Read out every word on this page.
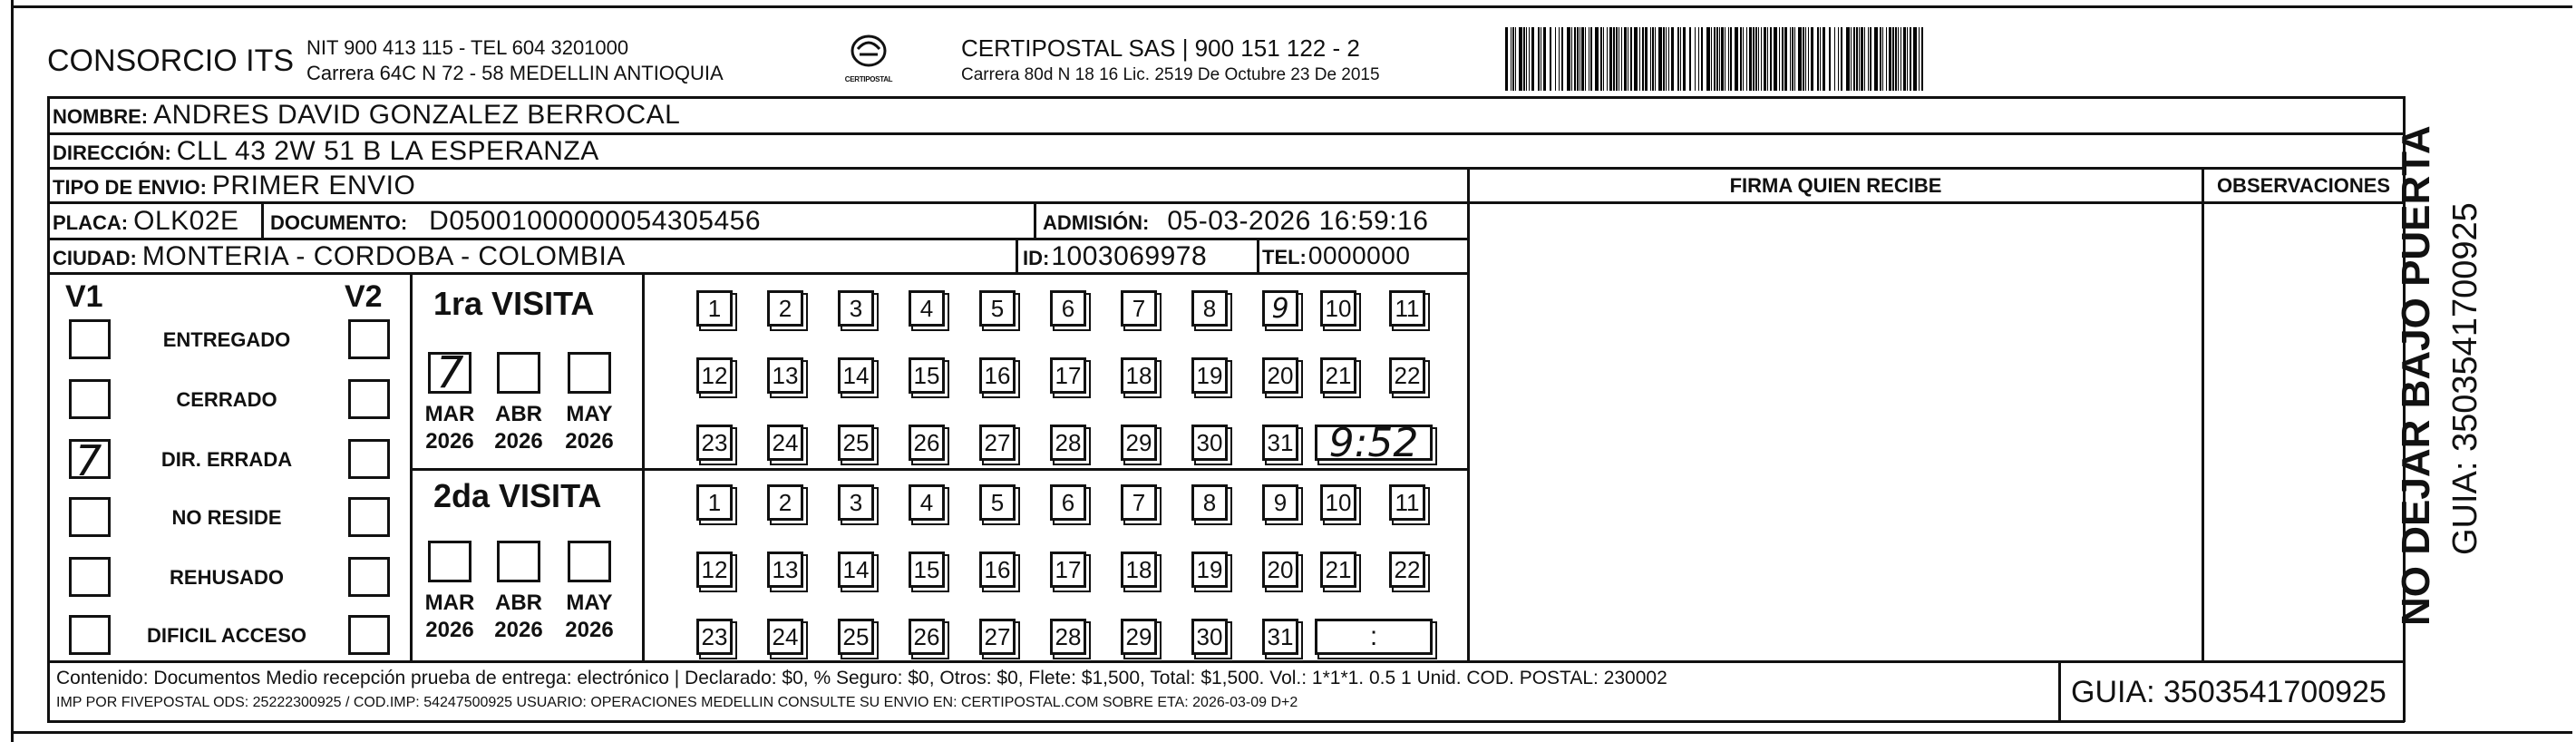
CONSORCIO ITS NIT 900 413 115 - TEL 604 3201000
Carrera 64C N 72 - 58 MEDELLIN ANTIOQUIA	CERTIPOSTAL
CERTIPOSTAL SAS | 900 151 122 - 2
Carrera 80d N 18 16 Lic. 2519 De Octubre 23 De 2015
NOMBRE: ANDRES DAVID GONZALEZ BERROCAL
DIRECCIÓN: CLL 43 2W 51 B LA ESPERANZA
TIPO DE ENVIO: PRIMER ENVIO
PLACA: OLK02E DOCUMENTO: D05001000000054305456	ADMISIÓN: 05-03-2026 16:59:16
CIUDAD: MONTERIA - CORDOBA - COLOMBIA	ID: 1003069978	TEL: 0000000
FIRMA QUIEN RECIBE	OBSERVACIONES
V1	V2
ENTREGADO
CERRADO
7	DIR. ERRADA
NO RESIDE
REHUSADO
DIFICIL ACCESO
1ra VISITA
7
MAR
2026
ABR
2026
MAY
2026
1	2	3	4	5	6	7	8	9	10 11
12 13 14 15 16 17 18 19 20 21 22
23 24 25 26 27 28 29 30 31 9:52
2da VISITA
MAR
2026
ABR
2026
MAY
2026
1	2	3	4	5	6	7	8	9	10 11
12 13 14 15 16 17 18 19 20 21 22
23 24 25 26 27 28 29 30 31	:
Contenido: Documentos Medio recepción prueba de entrega: electrónico | Declarado: $0, % Seguro: $0, Otros: $0, Flete: $1,500, Total: $1,500. Vol.: 1*1*1. 0.5 1 Unid. COD. POSTAL: 230002
IMP POR FIVEPOSTAL ODS: 25222300925 / COD.IMP: 54247500925 USUARIO: OPERACIONES MEDELLIN CONSULTE SU ENVIO EN: CERTIPOSTAL.COM SOBRE ETA: 2026-03-09 D+2	GUIA: 3503541700925
NO DEJAR BAJO PUERTA GUIA: 3503541700925
